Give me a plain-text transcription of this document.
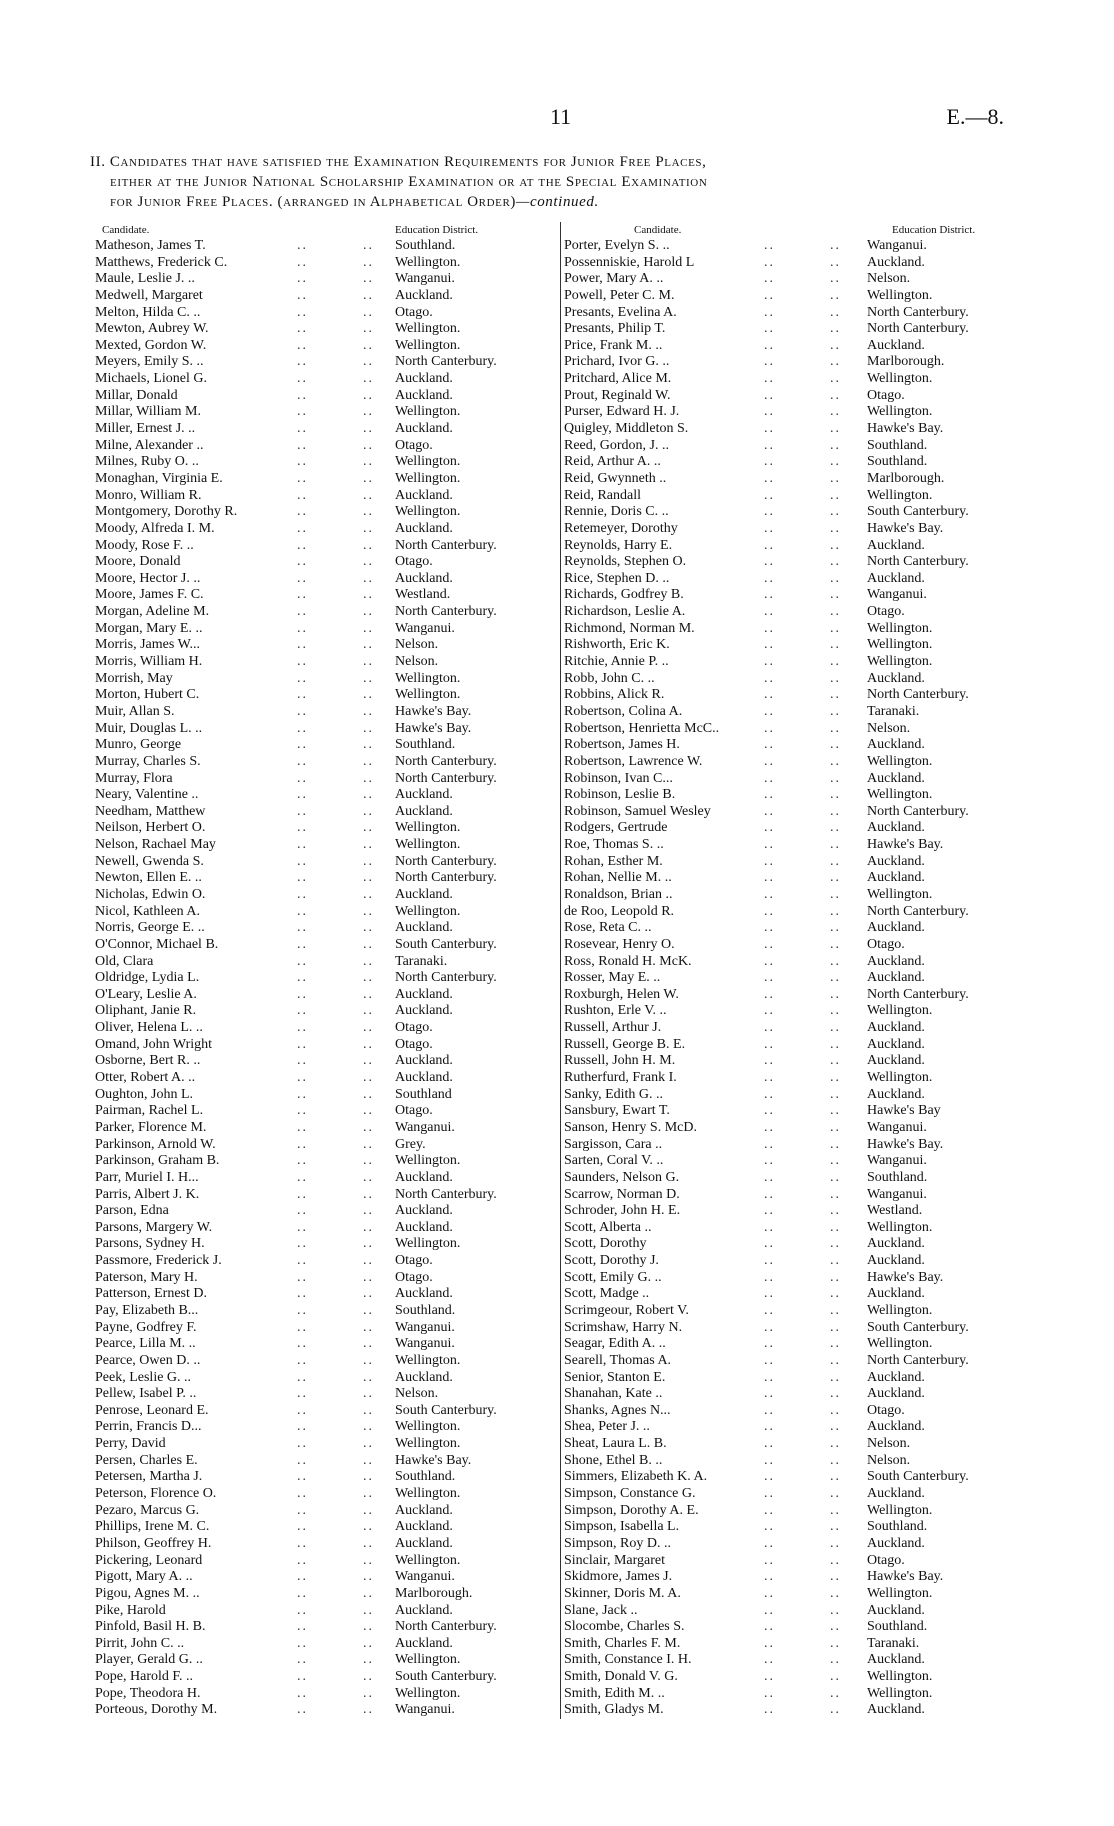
11	E.—8.
II. Candidates that have satisfied the Examination Requirements for Junior Free Places,
either at the Junior National Scholarship Examination or at the Special Examination
for Junior Free Places. (arranged in Alphabetical Order)—continued.
Candidate.	Education District.
Matheson, James T.	..	.. Southland.
Matthews, Frederick C.	..	.. Wellington.
Maule, Leslie J. ..	..	.. Wanganui.
Medwell, Margaret	..	.. Auckland.
Melton, Hilda C. ..	..	.. Otago.
Mewton, Aubrey W.	..	.. Wellington.
Mexted, Gordon W.	..	.. Wellington.
Meyers, Emily S. ..	..	.. North Canterbury.
Michaels, Lionel G.	..	.. Auckland.
Millar, Donald	..	.. Auckland.
Millar, William M.	..	.. Wellington.
Miller, Ernest J. ..	..	.. Auckland.
Milne, Alexander ..	..	.. Otago.
Milnes, Ruby O. ..	..	.. Wellington.
Monaghan, Virginia E.	..	.. Wellington.
Monro, William R.	..	.. Auckland.
Montgomery, Dorothy R.	..	.. Wellington.
Moody, Alfreda I. M.	..	.. Auckland.
Moody, Rose F. ..	..	.. North Canterbury.
Moore, Donald	..	.. Otago.
Moore, Hector J. ..	..	.. Auckland.
Moore, James F. C.	..	.. Westland.
Morgan, Adeline M.	..	.. North Canterbury.
Morgan, Mary E. ..	..	.. Wanganui.
Morris, James W...	..	.. Nelson.
Morris, William H.	..	.. Nelson.
Morrish, May	..	.. Wellington.
Morton, Hubert C.	..	.. Wellington.
Muir, Allan S.	..	.. Hawke's Bay.
Muir, Douglas L. ..	..	.. Hawke's Bay.
Munro, George	..	.. Southland.
Murray, Charles S.	..	.. North Canterbury.
Murray, Flora	..	.. North Canterbury.
Neary, Valentine ..	..	.. Auckland.
Needham, Matthew	..	.. Auckland.
Neilson, Herbert O.	..	.. Wellington.
Nelson, Rachael May	..	.. Wellington.
Newell, Gwenda S.	..	.. North Canterbury.
Newton, Ellen E. ..	..	.. North Canterbury.
Nicholas, Edwin O.	..	.. Auckland.
Nicol, Kathleen A.	..	.. Wellington.
Norris, George E. ..	..	.. Auckland.
O'Connor, Michael B.	..	.. South Canterbury.
Old, Clara	..	.. Taranaki.
Oldridge, Lydia L.	..	.. North Canterbury.
O'Leary, Leslie A.	..	.. Auckland.
Oliphant, Janie R.	..	.. Auckland.
Oliver, Helena L. ..	..	.. Otago.
Omand, John Wright	..	.. Otago.
Osborne, Bert R. ..	..	.. Auckland.
Otter, Robert A. ..	..	.. Auckland.
Oughton, John L.	..	.. Southland
Pairman, Rachel L.	..	.. Otago.
Parker, Florence M.	..	.. Wanganui.
Parkinson, Arnold W.	..	.. Grey.
Parkinson, Graham B.	..	.. Wellington.
Parr, Muriel I. H...	..	.. Auckland.
Parris, Albert J. K.	..	.. North Canterbury.
Parson, Edna	..	.. Auckland.
Parsons, Margery W.	..	.. Auckland.
Parsons, Sydney H.	..	.. Wellington.
Passmore, Frederick J.	..	.. Otago.
Paterson, Mary H.	..	.. Otago.
Patterson, Ernest D.	..	.. Auckland.
Pay, Elizabeth B...	..	.. Southland.
Payne, Godfrey F.	..	.. Wanganui.
Pearce, Lilla M. ..	..	.. Wanganui.
Pearce, Owen D. ..	..	.. Wellington.
Peek, Leslie G. ..	..	.. Auckland.
Pellew, Isabel P. ..	..	.. Nelson.
Penrose, Leonard E.	..	.. South Canterbury.
Perrin, Francis D...	..	.. Wellington.
Perry, David	..	.. Wellington.
Persen, Charles E.	..	.. Hawke's Bay.
Petersen, Martha J.	..	.. Southland.
Peterson, Florence O.	..	.. Wellington.
Pezaro, Marcus G.	..	.. Auckland.
Phillips, Irene M. C.	..	.. Auckland.
Philson, Geoffrey H.	..	.. Auckland.
Pickering, Leonard	..	.. Wellington.
Pigott, Mary A. ..	..	.. Wanganui.
Pigou, Agnes M. ..	..	.. Marlborough.
Pike, Harold	..	.. Auckland.
Pinfold, Basil H. B.	..	.. North Canterbury.
Pirrit, John C. ..	..	.. Auckland.
Player, Gerald G. ..	..	.. Wellington.
Pope, Harold F. ..	..	.. South Canterbury.
Pope, Theodora H.	..	.. Wellington.
Porteous, Dorothy M.	..	.. Wanganui.
Candidate.	Education District.
Porter, Evelyn S. ..	..	.. Wanganui.
Possenniskie, Harold L	..	.. Auckland.
Power, Mary A. ..	..	.. Nelson.
Powell, Peter C. M.	..	.. Wellington.
Presants, Evelina A.	..	.. North Canterbury.
Presants, Philip T.	..	.. North Canterbury.
Price, Frank M. ..	..	.. Auckland.
Prichard, Ivor G. ..	..	.. Marlborough.
Pritchard, Alice M.	..	.. Wellington.
Prout, Reginald W.	..	.. Otago.
Purser, Edward H. J.	..	.. Wellington.
Quigley, Middleton S.	..	.. Hawke's Bay.
Reed, Gordon, J. ..	..	.. Southland.
Reid, Arthur A. ..	..	.. Southland.
Reid, Gwynneth ..	..	.. Marlborough.
Reid, Randall	..	.. Wellington.
Rennie, Doris C. ..	..	.. South Canterbury.
Retemeyer, Dorothy	..	.. Hawke's Bay.
Reynolds, Harry E.	..	.. Auckland.
Reynolds, Stephen O.	..	.. North Canterbury.
Rice, Stephen D. ..	..	.. Auckland.
Richards, Godfrey B.	..	.. Wanganui.
Richardson, Leslie A.	..	.. Otago.
Richmond, Norman M.	..	.. Wellington.
Rishworth, Eric K.	..	.. Wellington.
Ritchie, Annie P. ..	..	.. Wellington.
Robb, John C. ..	..	.. Auckland.
Robbins, Alick R.	..	.. North Canterbury.
Robertson, Colina A.	..	.. Taranaki.
Robertson, Henrietta McC..	..	.. Nelson.
Robertson, James H.	..	.. Auckland.
Robertson, Lawrence W.	..	.. Wellington.
Robinson, Ivan C...	..	.. Auckland.
Robinson, Leslie B.	..	.. Wellington.
Robinson, Samuel Wesley	..	.. North Canterbury.
Rodgers, Gertrude	..	.. Auckland.
Roe, Thomas S. ..	..	.. Hawke's Bay.
Rohan, Esther M.	..	.. Auckland.
Rohan, Nellie M. ..	..	.. Auckland.
Ronaldson, Brian ..	..	.. Wellington.
de Roo, Leopold R.	..	.. North Canterbury.
Rose, Reta C. ..	..	.. Auckland.
Rosevear, Henry O.	..	.. Otago.
Ross, Ronald H. McK.	..	.. Auckland.
Rosser, May E. ..	..	.. Auckland.
Roxburgh, Helen W.	..	.. North Canterbury.
Rushton, Erle V. ..	..	.. Wellington.
Russell, Arthur J.	..	.. Auckland.
Russell, George B. E.	..	.. Auckland.
Russell, John H. M.	..	.. Auckland.
Rutherfurd, Frank I.	..	.. Wellington.
Sanky, Edith G. ..	..	.. Auckland.
Sansbury, Ewart T.	..	.. Hawke's Bay
Sanson, Henry S. McD.	..	.. Wanganui.
Sargisson, Cara ..	..	.. Hawke's Bay.
Sarten, Coral V. ..	..	.. Wanganui.
Saunders, Nelson G.	..	.. Southland.
Scarrow, Norman D.	..	.. Wanganui.
Schroder, John H. E.	..	.. Westland.
Scott, Alberta ..	..	.. Wellington.
Scott, Dorothy	..	.. Auckland.
Scott, Dorothy J.	..	.. Auckland.
Scott, Emily G. ..	..	.. Hawke's Bay.
Scott, Madge ..	..	.. Auckland.
Scrimgeour, Robert V.	..	.. Wellington.
Scrimshaw, Harry N.	..	.. South Canterbury.
Seagar, Edith A. ..	..	.. Wellington.
Searell, Thomas A.	..	.. North Canterbury.
Senior, Stanton E.	..	.. Auckland.
Shanahan, Kate ..	..	.. Auckland.
Shanks, Agnes N...	..	.. Otago.
Shea, Peter J. ..	..	.. Auckland.
Sheat, Laura L. B.	..	.. Nelson.
Shone, Ethel B. ..	..	.. Nelson.
Simmers, Elizabeth K. A.	..	.. South Canterbury.
Simpson, Constance G.	..	.. Auckland.
Simpson, Dorothy A. E.	..	.. Wellington.
Simpson, Isabella L.	..	.. Southland.
Simpson, Roy D. ..	..	.. Auckland.
Sinclair, Margaret	..	.. Otago.
Skidmore, James J.	..	.. Hawke's Bay.
Skinner, Doris M. A.	..	.. Wellington.
Slane, Jack ..	..	.. Auckland.
Slocombe, Charles S.	..	.. Southland.
Smith, Charles F. M.	..	.. Taranaki.
Smith, Constance I. H.	..	.. Auckland.
Smith, Donald V. G.	..	.. Wellington.
Smith, Edith M. ..	..	.. Wellington.
Smith, Gladys M.	..	.. Auckland.
